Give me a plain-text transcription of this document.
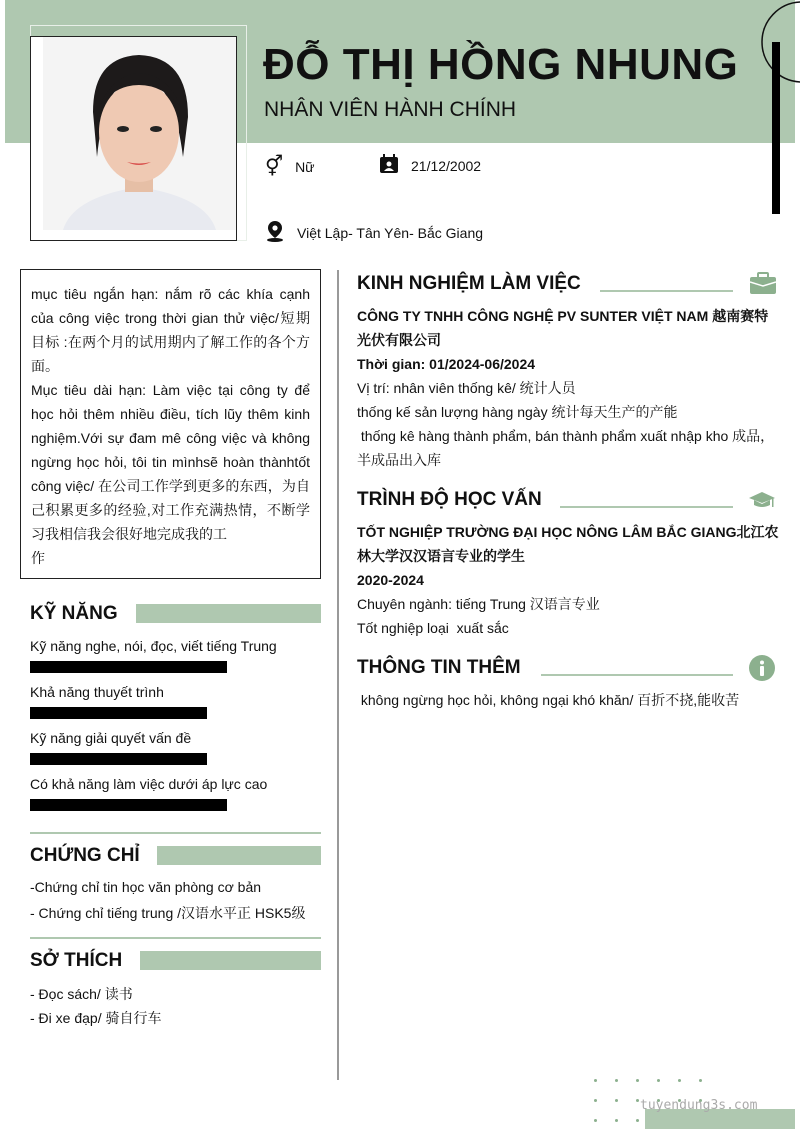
ĐỖ THỊ HỒNG NHUNG
NHÂN VIÊN HÀNH CHÍNH
⚥ Nữ	21/12/2002
Việt Lập- Tân Yên- Bắc Giang
mục tiêu ngắn hạn: nắm rõ các khía cạnh của công việc trong thời gian thử việc/短期目标 :在两个月的试用期内了解工作的各个方面。
Mục tiêu dài hạn: Làm việc tại công ty để học hỏi thêm nhiều điều, tích lũy thêm kinh nghiệm.Với sự đam mê công việc và không ngừng học hỏi, tôi tin mìnhsẽ hoàn thànhtốt công việc/ 在公司工作学到更多的东西，为自己积累更多的经验,对工作充满热情，不断学习我相信我会很好地完成我的工
作
KỸ NĂNG
Kỹ năng nghe, nói, đọc, viết tiếng Trung
Khả năng thuyết trình
Kỹ năng giải quyết vấn đề
Có khả năng làm việc dưới áp lực cao
CHỨNG CHỈ
-Chứng chỉ tin học văn phòng cơ bản
- Chứng chỉ tiếng trung /汉语水平正 HSK5级
SỞ THÍCH
- Đọc sách/ 读书
- Đi xe đạp/ 骑自行车
KINH NGHIỆM LÀM VIỆC
CÔNG TY TNHH CÔNG NGHỆ PV SUNTER VIỆT NAM 越南赛特光伏有限公司
Thời gian: 01/2024-06/2024
Vị trí: nhân viên thống kê/ 统计人员
thống kế sản lượng hàng ngày 统计每天生产的产能
thống kê hàng thành phẩm, bán thành phẩm xuất nhập kho 成品，半成品出入库
TRÌNH ĐỘ HỌC VẤN
TỐT NGHIỆP TRƯỜNG ĐẠI HỌC NÔNG LÂM BẮC GIANG北江农林大学汉汉语言专业的学生
2020-2024
Chuyên ngành: tiếng Trung 汉语言专业
Tốt nghiệp loại  xuất sắc
THÔNG TIN THÊM
không ngừng học hỏi, không ngại khó khăn/ 百折不挠,能收苦
tuyendung3s.com
